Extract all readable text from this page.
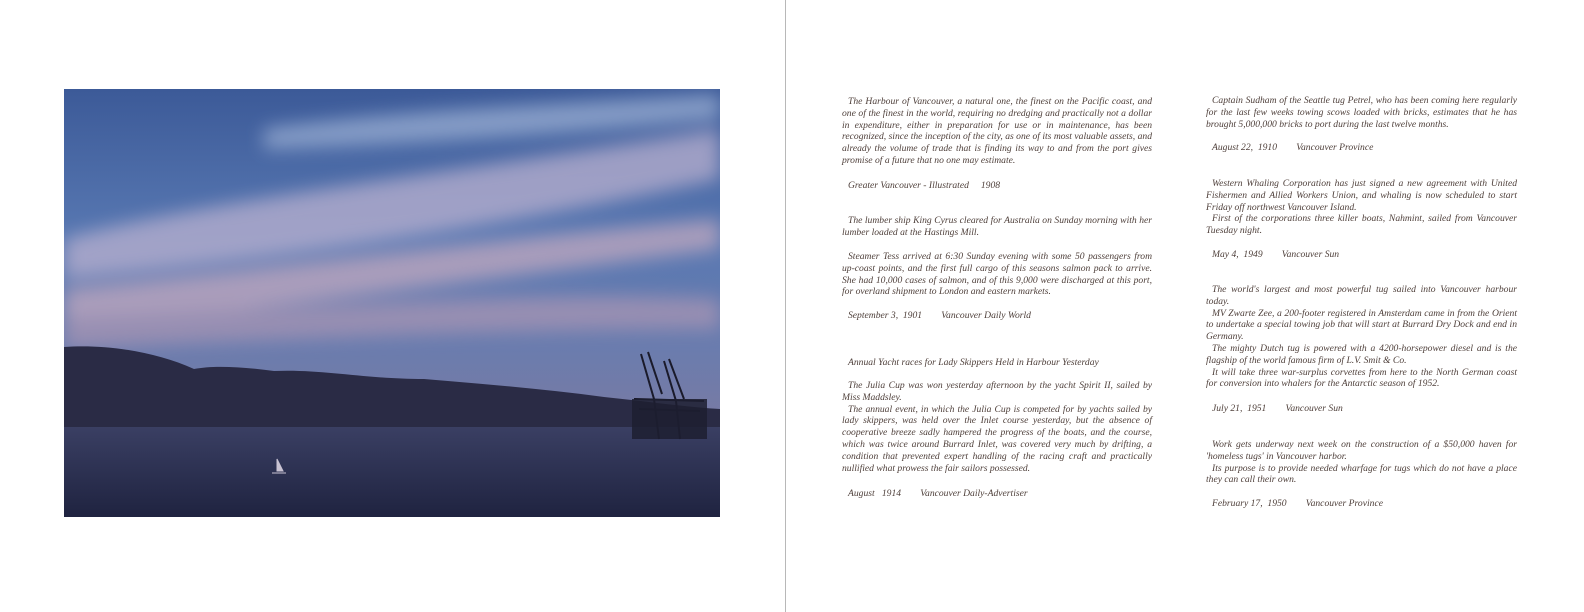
The Harbour of Vancouver, a natural one, the finest on the Pacific coast, and one of the finest in the world, requiring no dredging and practically not a dollar in expenditure, either in preparation for use or in maintenance, has been recognized, since the inception of the city, as one of its most valuable assets, and already the volume of trade that is finding its way to and from the port gives promise of a future that no one may estimate.

Greater Vancouver - Illustrated     1908

The lumber ship King Cyrus cleared for Australia on Sunday morning with her lumber loaded at the Hastings Mill.

Steamer Tess arrived at 6:30 Sunday evening with some 50 passengers from up-coast points, and the first full cargo of this seasons salmon pack to arrive. She had 10,000 cases of salmon, and of this 9,000 were discharged at this port, for overland shipment to London and eastern markets.

September 3,  1901        Vancouver Daily World
Annual Yacht races for Lady Skippers Held in Harbour Yesterday

The Julia Cup was won yesterday afternoon by the yacht Spirit II, sailed by Miss Maddsley.

The annual event, in which the Julia Cup is competed for by yachts sailed by lady skippers, was held over the Inlet course yesterday, but the absence of cooperative breeze sadly hampered the progress of the boats, and the course, which was twice around Burrard Inlet, was covered very much by drifting, a condition that prevented expert handling of the racing craft and practically nullified what prowess the fair sailors possessed.

August   1914        Vancouver Daily-Advertiser

Captain Sudham of the Seattle tug Petrel, who has been coming here regularly for the last few weeks towing scows loaded with bricks, estimates that he has brought 5,000,000 bricks to port during the last twelve months.

August 22,  1910        Vancouver Province

Western Whaling Corporation has just signed a new agreement with United Fishermen and Allied Workers Union, and whaling is now scheduled to start Friday off northwest Vancouver Island.

First of the corporations three killer boats, Nahmint, sailed from Vancouver Tuesday night.

May 4,  1949        Vancouver Sun

The world's largest and most powerful tug sailed into Vancouver harbour today.

MV Zwarte Zee, a 200-footer registered in Amsterdam came in from the Orient to undertake a special towing job that will start at Burrard Dry Dock and end in Germany.

The mighty Dutch tug is powered with a 4200-horsepower diesel and is the flagship of the world famous firm of L.V. Smit & Co.

It will take three war-surplus corvettes from here to the North German coast for conversion into whalers for the Antarctic season of 1952.

July 21,  1951        Vancouver Sun

Work gets underway next week on the construction of a $50,000 haven for 'homeless tugs' in Vancouver harbor.

Its purpose is to provide needed wharfage for tugs which do not have a place they can call their own.

February 17,  1950        Vancouver Province
